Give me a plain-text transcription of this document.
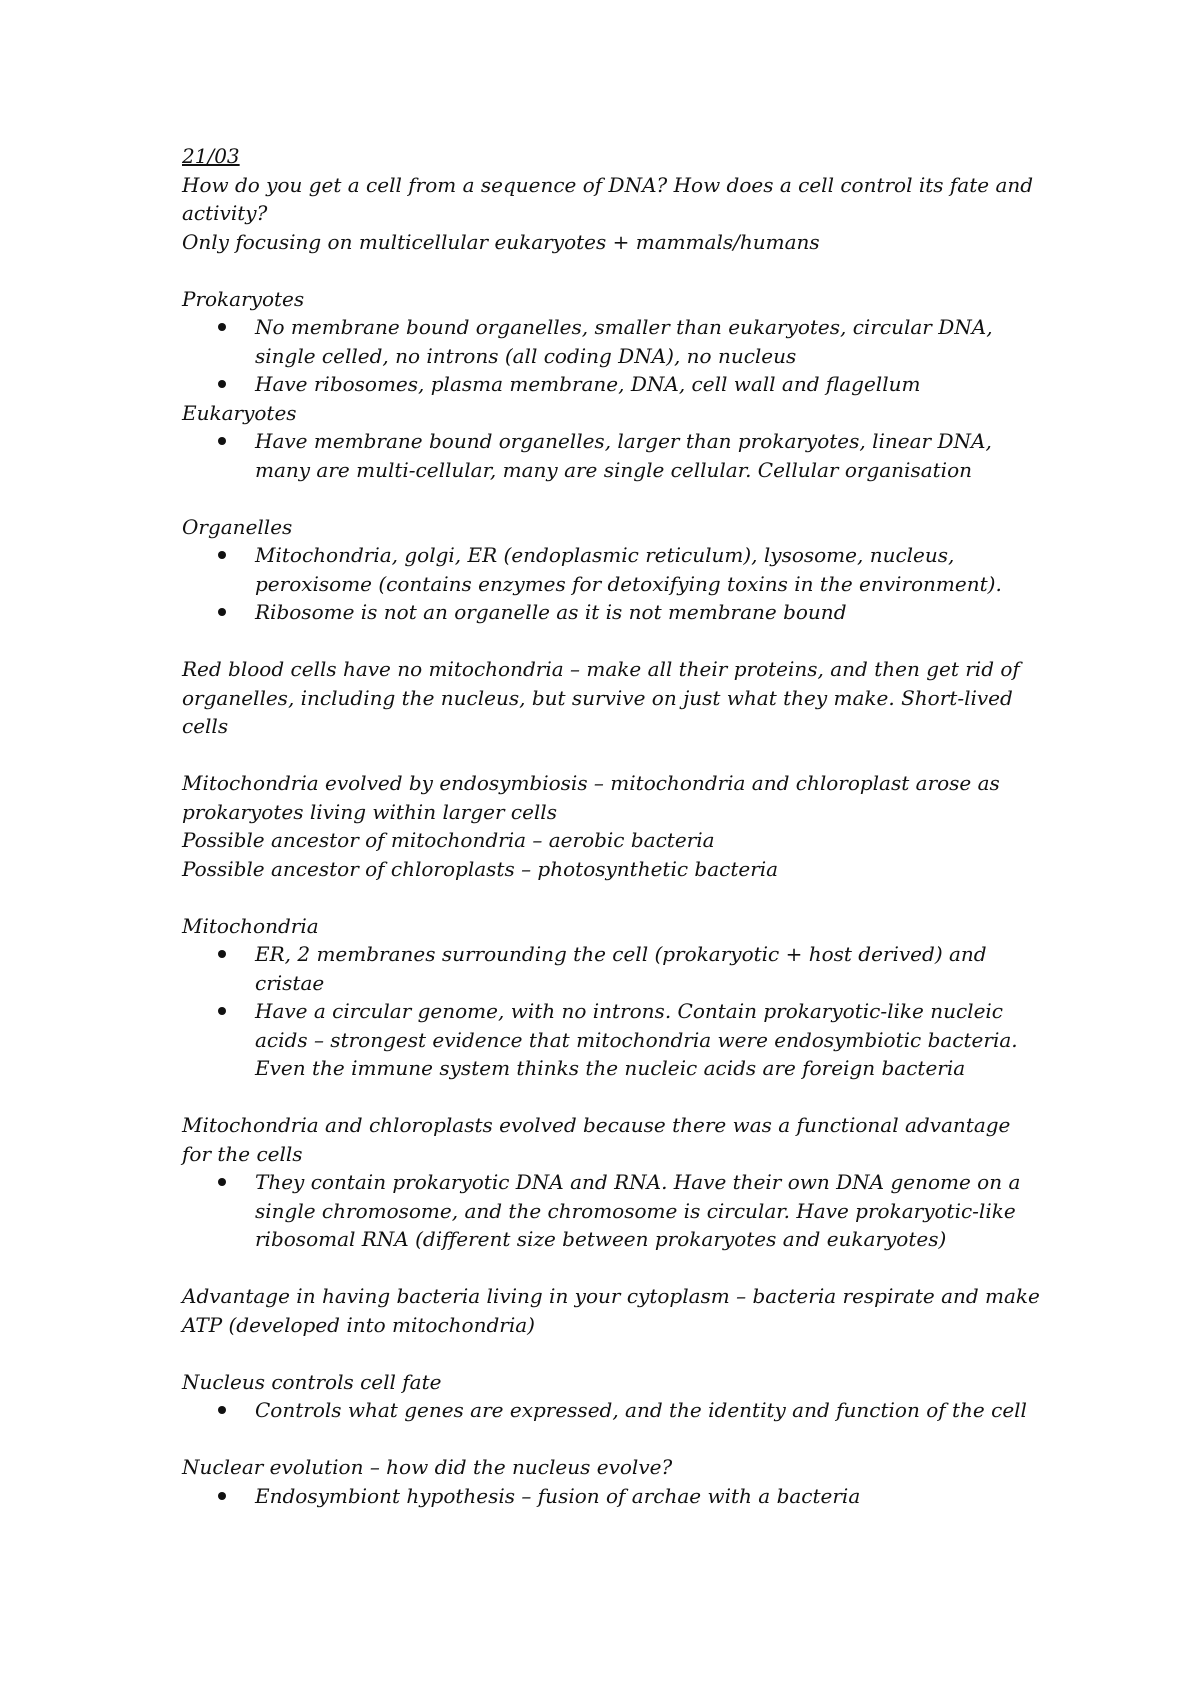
21/03
How do you get a cell from a sequence of DNA? How does a cell control its fate and activity?
Only focusing on multicellular eukaryotes + mammals/humans
Prokaryotes
No membrane bound organelles, smaller than eukaryotes, circular DNA, single celled, no introns (all coding DNA), no nucleus
Have ribosomes, plasma membrane, DNA, cell wall and flagellum
Eukaryotes
Have membrane bound organelles, larger than prokaryotes, linear DNA, many are multi-cellular, many are single cellular. Cellular organisation
Organelles
Mitochondria, golgi, ER (endoplasmic reticulum), lysosome, nucleus, peroxisome (contains enzymes for detoxifying toxins in the environment).
Ribosome is not an organelle as it is not membrane bound
Red blood cells have no mitochondria – make all their proteins, and then get rid of organelles, including the nucleus, but survive on just what they make. Short-lived cells
Mitochondria evolved by endosymbiosis – mitochondria and chloroplast arose as prokaryotes living within larger cells
Possible ancestor of mitochondria – aerobic bacteria
Possible ancestor of chloroplasts – photosynthetic bacteria
Mitochondria
ER, 2 membranes surrounding the cell (prokaryotic + host derived) and cristae
Have a circular genome, with no introns. Contain prokaryotic-like nucleic acids – strongest evidence that mitochondria were endosymbiotic bacteria. Even the immune system thinks the nucleic acids are foreign bacteria
Mitochondria and chloroplasts evolved because there was a functional advantage for the cells
They contain prokaryotic DNA and RNA. Have their own DNA genome on a single chromosome, and the chromosome is circular. Have prokaryotic-like ribosomal RNA (different size between prokaryotes and eukaryotes)
Advantage in having bacteria living in your cytoplasm – bacteria respirate and make ATP (developed into mitochondria)
Nucleus controls cell fate
Controls what genes are expressed, and the identity and function of the cell
Nuclear evolution – how did the nucleus evolve?
Endosymbiont hypothesis – fusion of archae with a bacteria
